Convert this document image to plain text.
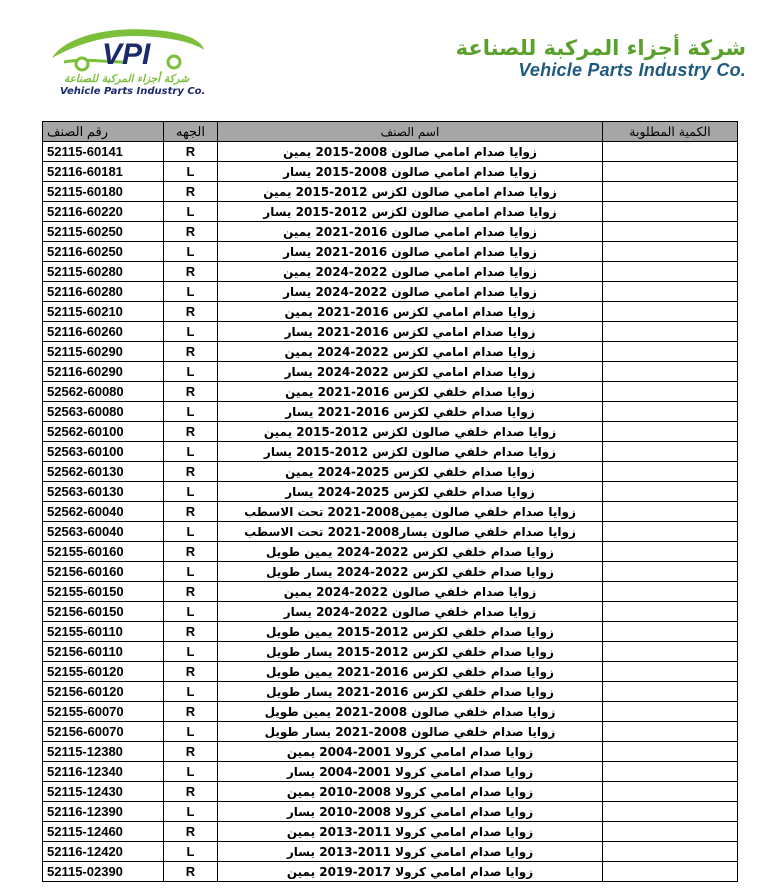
VPI
شركة أجزاء المركبة للصناعة
Vehicle Parts Industry Co.
شركة أجزاء المركبة للصناعة
Vehicle Parts Industry Co.
رقم الصنف	الجهه	اسم الصنف	الكمية المطلوبة
52115-60141	R	زوايا صدام امامي صالون 2008-2015 يمين	
52116-60181	L	زوايا صدام امامي صالون 2008-2015 يسار	
52115-60180	R	زوايا صدام امامي صالون لكزس 2012-2015 يمين	
52116-60220	L	زوايا صدام امامي صالون لكزس 2012-2015 يسار	
52115-60250	R	زوايا صدام امامي صالون 2016-2021 يمين	
52116-60250	L	زوايا صدام امامي صالون 2016-2021 يسار	
52115-60280	R	زوايا صدام امامي صالون 2022-2024 يمين	
52116-60280	L	زوايا صدام امامي صالون 2022-2024 يسار	
52115-60210	R	زوايا صدام امامي لكزس 2016-2021 يمين	
52116-60260	L	زوايا صدام امامي لكزس 2016-2021 يسار	
52115-60290	R	زوايا صدام امامي لكزس 2022-2024 يمين	
52116-60290	L	زوايا صدام امامي لكزس 2022-2024 يسار	
52562-60080	R	زوايا صدام خلفي لكزس 2016-2021 يمين	
52563-60080	L	زوايا صدام خلفي لكزس 2016-2021 يسار	
52562-60100	R	زوايا صدام خلفي صالون لكزس 2012-2015 يمين	
52563-60100	L	زوايا صدام خلفي صالون لكزس 2012-2015 يسار	
52562-60130	R	زوايا صدام خلفي لكزس 2025-2024 يمين	
52563-60130	L	زوايا صدام خلفي لكزس 2025-2024 يسار	
52562-60040	R	زوايا صدام خلفي صالون يمين2008-2021 تحت الاسطب	
52563-60040	L	زوايا صدام خلفي صالون يسار2008-2021 تحت الاسطب	
52155-60160	R	زوايا صدام خلفي لكزس 2022-2024 يمين طويل	
52156-60160	L	زوايا صدام خلفي لكزس 2022-2024 يسار طويل	
52155-60150	R	زوايا صدام خلفي صالون 2022-2024 يمين	
52156-60150	L	زوايا صدام خلفي صالون 2022-2024 يسار	
52155-60110	R	زوايا صدام خلفي لكزس 2012-2015 يمين طويل	
52156-60110	L	زوايا صدام خلفي لكزس 2012-2015 يسار طويل	
52155-60120	R	زوايا صدام خلفي لكزس 2016-2021 يمين طويل	
52156-60120	L	زوايا صدام خلفي لكزس 2016-2021 يسار طويل	
52155-60070	R	زوايا صدام خلفي صالون 2008-2021 يمين طويل	
52156-60070	L	زوايا صدام خلفي صالون 2008-2021 يسار طويل	
52115-12380	R	زوايا صدام امامي كرولا 2001-2004 يمين	
52116-12340	L	زوايا صدام امامي كرولا 2001-2004 يسار	
52115-12430	R	زوايا صدام امامي كرولا 2008-2010 يمين	
52116-12390	L	زوايا صدام امامي كرولا 2008-2010 يسار	
52115-12460	R	زوايا صدام امامي كرولا 2011-2013 يمين	
52116-12420	L	زوايا صدام امامي كرولا 2011-2013 يسار	
52115-02390	R	زوايا صدام امامي كرولا 2017-2019 يمين	
